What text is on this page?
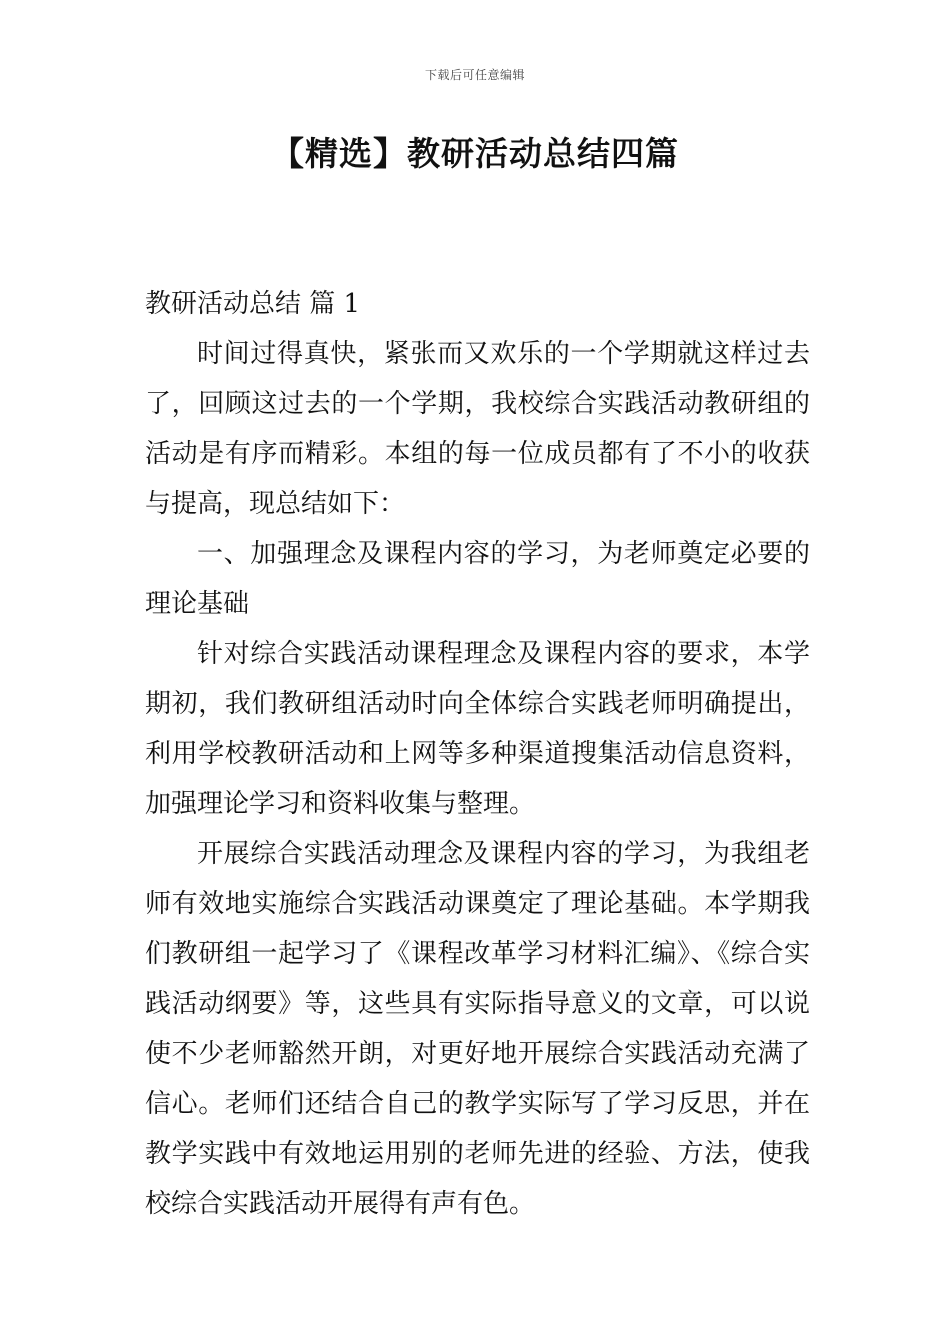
下载后可任意编辑
【精选】教研活动总结四篇

教研活动总结 篇 1

时间过得真快，紧张而又欢乐的一个学期就这样过去了，回顾这过去的一个学期，我校综合实践活动教研组的活动是有序而精彩。本组的每一位成员都有了不小的收获与提高，现总结如下：

一、加强理念及课程内容的学习，为老师奠定必要的理论基础

针对综合实践活动课程理念及课程内容的要求，本学期初，我们教研组活动时向全体综合实践老师明确提出，利用学校教研活动和上网等多种渠道搜集活动信息资料，加强理论学习和资料收集与整理。

开展综合实践活动理念及课程内容的学习，为我组老师有效地实施综合实践活动课奠定了理论基础。本学期我们教研组一起学习了《课程改革学习材料汇编》、《综合实践活动纲要》等，这些具有实际指导意义的文章，可以说使不少老师豁然开朗，对更好地开展综合实践活动充满了信心。老师们还结合自己的教学实际写了学习反思，并在教学实践中有效地运用别的老师先进的经验、方法，使我校综合实践活动开展得有声有色。
